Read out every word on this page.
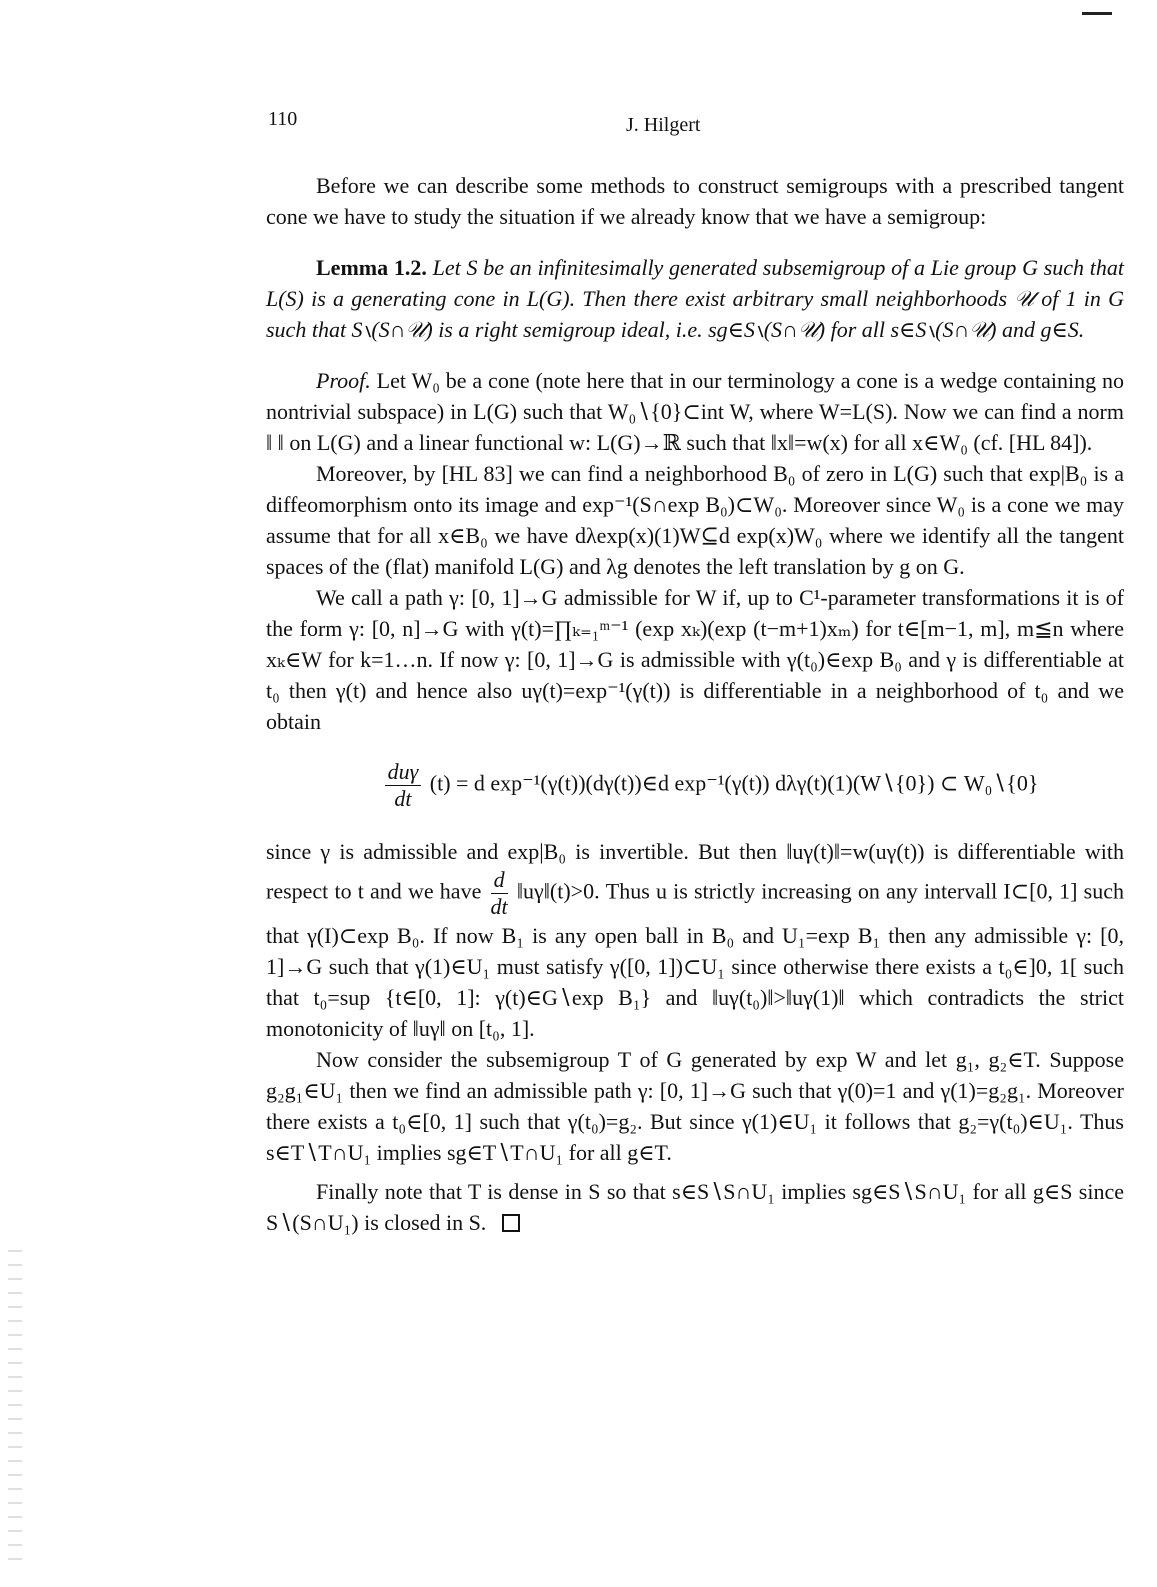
110	J. Hilgert

Before we can describe some methods to construct semigroups with a prescribed tangent cone we have to study the situation if we already know that we have a semigroup:

Lemma 1.2. Let S be an infinitesimally generated subsemigroup of a Lie group G such that L(S) is a generating cone in L(G). Then there exist arbitrary small neighborhoods 𝒰 of 1 in G such that S∖(S∩𝒰) is a right semigroup ideal, i.e. sg∈S∖(S∩𝒰) for all s∈S∖(S∩𝒰) and g∈S.

Proof. Let W₀ be a cone (note here that in our terminology a cone is a wedge containing no nontrivial subspace) in L(G) such that W₀∖{0}⊂int W, where W=L(S). Now we can find a norm ‖ ‖ on L(G) and a linear functional w: L(G)→ℝ such that ‖x‖=w(x) for all x∈W₀ (cf. [HL 84]).

Moreover, by [HL 83] we can find a neighborhood B₀ of zero in L(G) such that exp|B₀ is a diffeomorphism onto its image and exp⁻¹(S∩exp B₀)⊂W₀. Moreover since W₀ is a cone we may assume that for all x∈B₀ we have dλexp(x)(1)W⊆d exp(x)W₀ where we identify all the tangent spaces of the (flat) manifold L(G) and λg denotes the left translation by g on G.

We call a path γ: [0, 1]→G admissible for W if, up to C¹-parameter transformations it is of the form γ: [0, n]→G with γ(t)=∏ₖ₌₁ᵐ⁻¹ (exp xₖ)(exp (t−m+1)xₘ) for t∈[m−1, m], m≦n where xₖ∈W for k=1…n. If now γ: [0, 1]→G is admissible with γ(t₀)∈exp B₀ and γ is differentiable at t₀ then γ(t) and hence also uγ(t)=exp⁻¹(γ(t)) is differentiable in a neighborhood of t₀ and we obtain

$\frac{\text{duγ}}{dt} (t) = d$ exp⁻¹(γ(t))(dγ(t))∈d exp⁻¹(γ(t)) dλγ(t)(1)(W∖{0}) ⊂ W₀∖{0}

since γ is admissible and exp|B₀ is invertible. But then ‖uγ(t)‖=w(uγ(t)) is differentiable with respect to t and we have $\frac{d}{dt}$ ‖uγ‖(t)>0. Thus u is strictly increasing on any intervall I⊂[0, 1] such that γ(I)⊂exp B₀. If now B₁ is any open ball in B₀ and U₁=exp B₁ then any admissible γ: [0, 1]→G such that γ(1)∈U₁ must satisfy γ([0, 1])⊂U₁ since otherwise there exists a t₀∈]0, 1[ such that t₀=sup {t∈[0, 1]: γ(t)∈G∖exp B₁} and ‖uγ(t₀)‖>‖uγ(1)‖ which contradicts the strict monotonicity of ‖uγ‖ on [t₀, 1].

Now consider the subsemigroup T of G generated by exp W and let g₁, g₂∈T. Suppose g₂g₁∈U₁ then we find an admissible path γ: [0, 1]→G such that γ(0)=1 and γ(1)=g₂g₁. Moreover there exists a t₀∈[0, 1] such that γ(t₀)=g₂. But since γ(1)∈U₁ it follows that g₂=γ(t₀)∈U₁. Thus s∈T∖T∩U₁ implies sg∈T∖T∩U₁ for all g∈T.

Finally note that T is dense in S so that s∈S∖S∩U₁ implies sg∈S∖S∩U₁ for all g∈S since S∖(S∩U₁) is closed in S.
